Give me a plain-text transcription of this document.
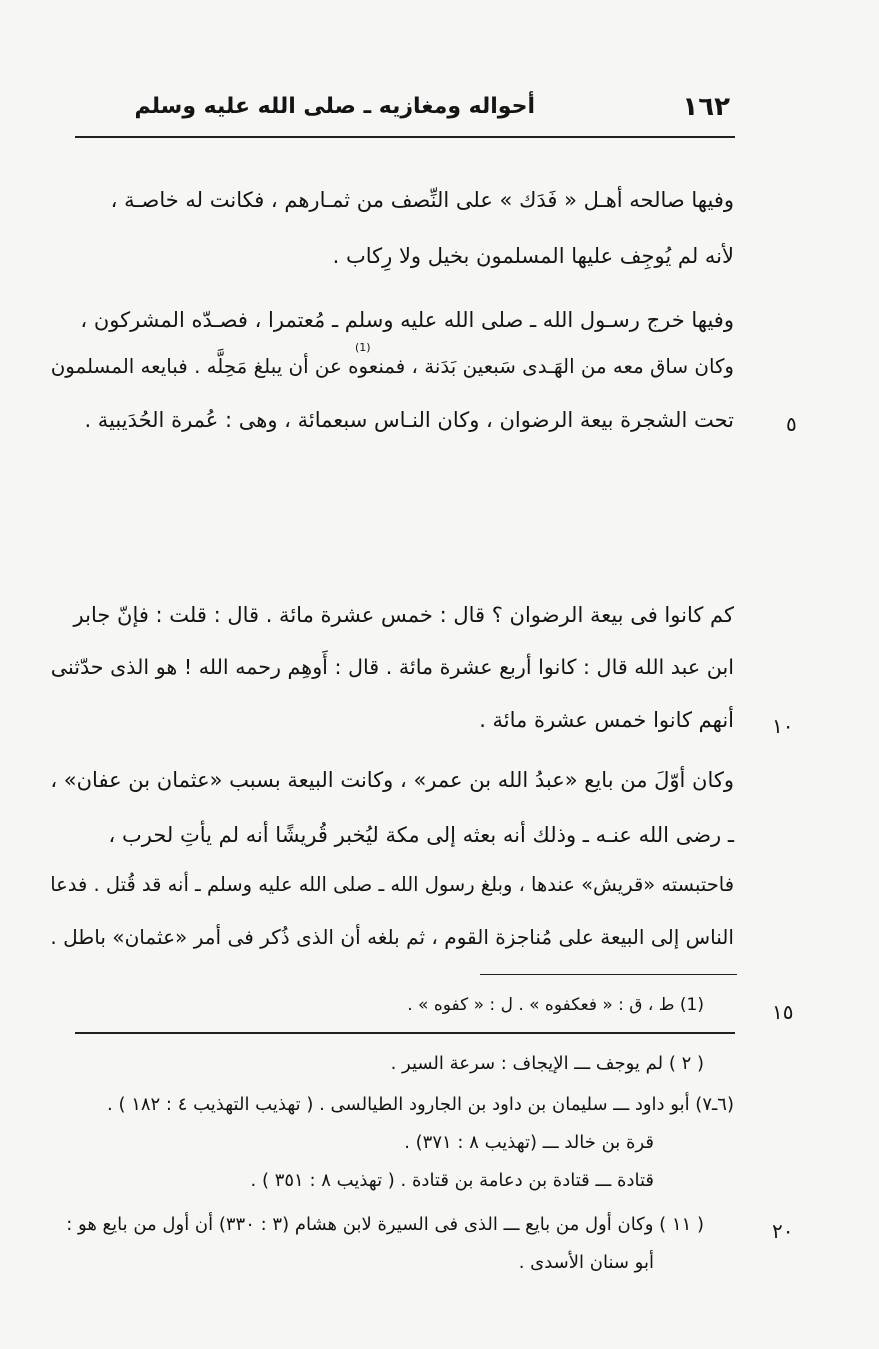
١٦٢
أحواله ومغازيه ـ صلى الله عليه وسلم
وفيها صالحه أهـل « فَدَك » على النِّصف من ثمـارهم ، فكانت له خاصـة ،
لأنه لم يُوجِف عليها المسلمون بخيل ولا رِكاب .
وفيها خرج رسـول الله ـ صلى الله عليه وسلم ـ مُعتمرا ، فصـدّه المشركون ،
(1)
وكان ساق معه من الهَـدى سَبعين بَدَنة ، فمنعوه عن أن يبلغ مَحِلَّه . فبايعه المسلمون
تحت الشجرة بيعة الرضوان ، وكان النـاس سبعمائة ، وهى : عُمرة الحُدَيبية .	٥
كم كانوا فى بيعة الرضوان ؟ قال : خمس عشرة مائة . قال : قلت : فإنّ جابر
ابن عبد الله قال : كانوا أربع عشرة مائة . قال : أَوهِم رحمه الله ! هو الذى حدّثنى
أنهم كانوا خمس عشرة مائة . ١٠
وكان أوّلَ من بايع «عبدُ الله بن عمر» ، وكانت البيعة بسبب «عثمان بن عفان» ،
ـ رضى الله عنـه ـ وذلك أنه بعثه إلى مكة ليُخبر قُريشًا أنه لم يأتِ لحرب ،
فاحتبسته «قريش» عندها ، وبلغ رسول الله ـ صلى الله عليه وسلم ـ أنه قد قُتل . فدعا
الناس إلى البيعة على مُناجزة القوم ، ثم بلغه أن الذى ذُكر فى أمر «عثمان» باطل .
(1) ط ، ق : « فعكفوه » . ل : « كفوه » .	١٥
( ٢ ) لم يوجف ـــ الإيجاف : سرعة السير .
(٦ـ٧) أبو داود ـــ سليمان بن داود بن الجارود الطيالسى . ( تهذيب التهذيب ٤ : ١٨٢ ) .
قرة بن خالد ـــ (تهذيب ٨ : ٣٧١) .
قتادة ـــ قتادة بن دعامة بن قتادة . ( تهذيب ٨ : ٣٥١ ) .
( ١١ ) وكان أول من بايع ـــ الذى فى السيرة لابن هشام (٣ : ٣٣٠) أن أول من بايع هو :	٢٠
أبو سنان الأسدى .
